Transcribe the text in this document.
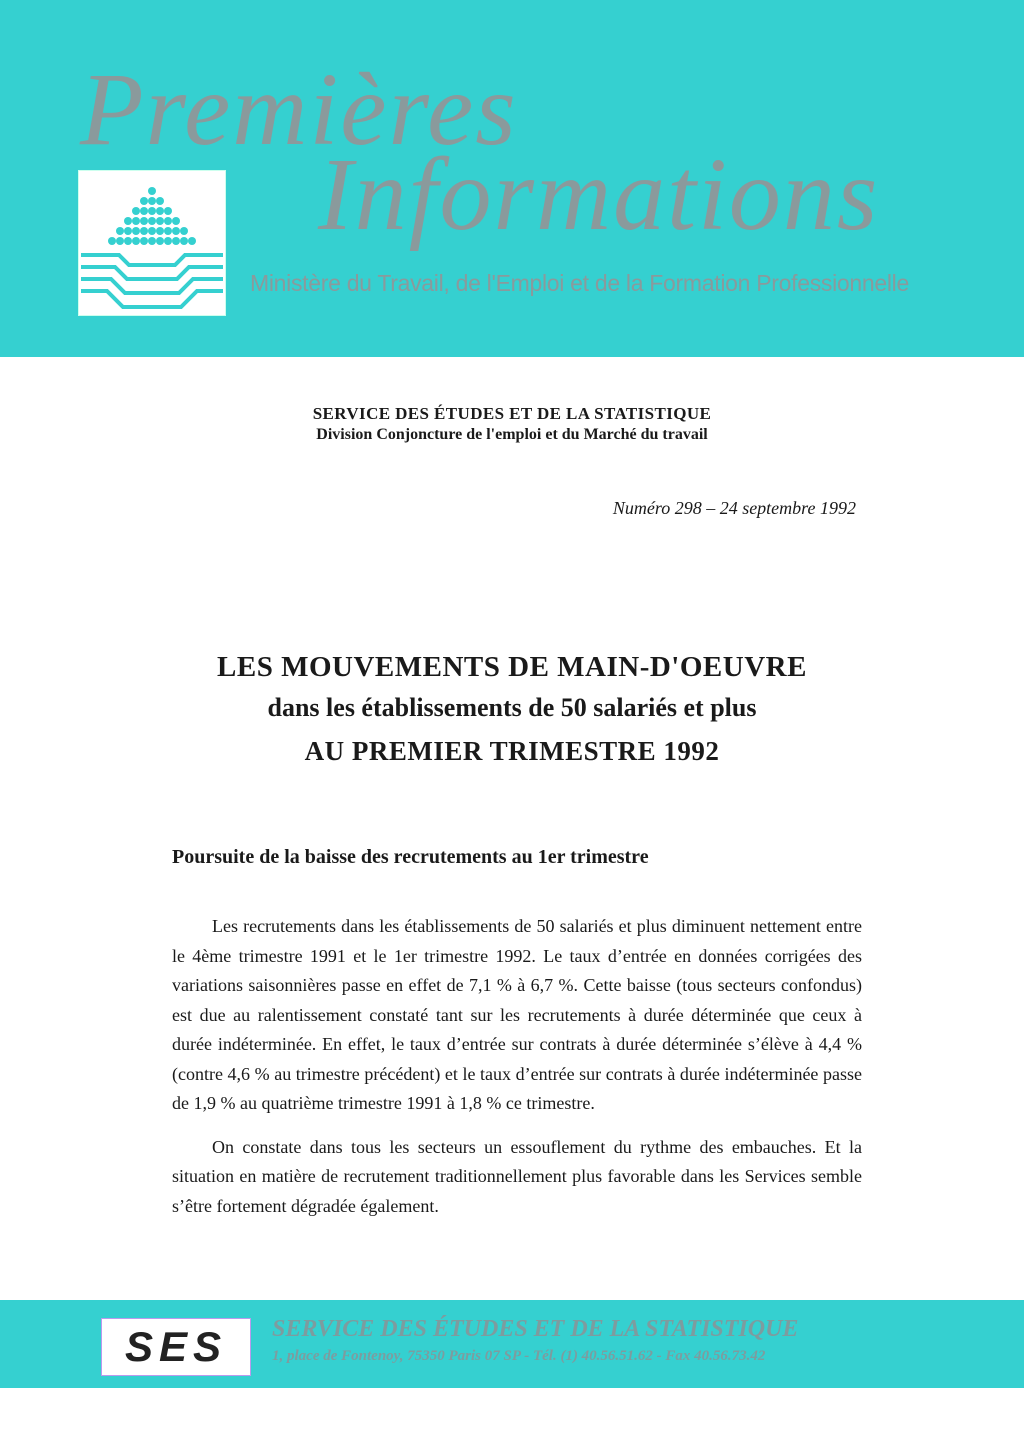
Premières
Informations
Ministère du Travail, de l'Emploi et de la Formation Professionnelle
SERVICE DES ÉTUDES ET DE LA STATISTIQUE
Division Conjoncture de l'emploi et du Marché du travail
Numéro 298 – 24 septembre 1992
LES MOUVEMENTS DE MAIN-D'OEUVRE
dans les établissements de 50 salariés et plus
AU PREMIER TRIMESTRE 1992
Poursuite de la baisse des recrutements au 1er trimestre

Les recrutements dans les établissements de 50 salariés et plus diminuent nettement entre le 4ème trimestre 1991 et le 1er trimestre 1992. Le taux d’entrée en données corrigées des variations saisonnières passe en effet de 7,1 % à 6,7 %. Cette baisse (tous secteurs confondus) est due au ralentissement constaté tant sur les recrutements à durée déterminée que ceux à durée indéterminée. En effet, le taux d’entrée sur contrats à durée déterminée s’élève à 4,4 % (contre 4,6 % au trimestre précédent) et le taux d’entrée sur contrats à durée indéterminée passe de 1,9 % au quatrième trimestre 1991 à 1,8 % ce trimestre.

On constate dans tous les secteurs un essouflement du rythme des embauches. Et la situation en matière de recrutement traditionnellement plus favorable dans les Services semble s’être fortement dégradée également.

SES SERVICE DES ÉTUDES ET DE LA STATISTIQUE
1, place de Fontenoy, 75350 Paris 07 SP - Tél. (1) 40.56.51.62 - Fax 40.56.73.42
